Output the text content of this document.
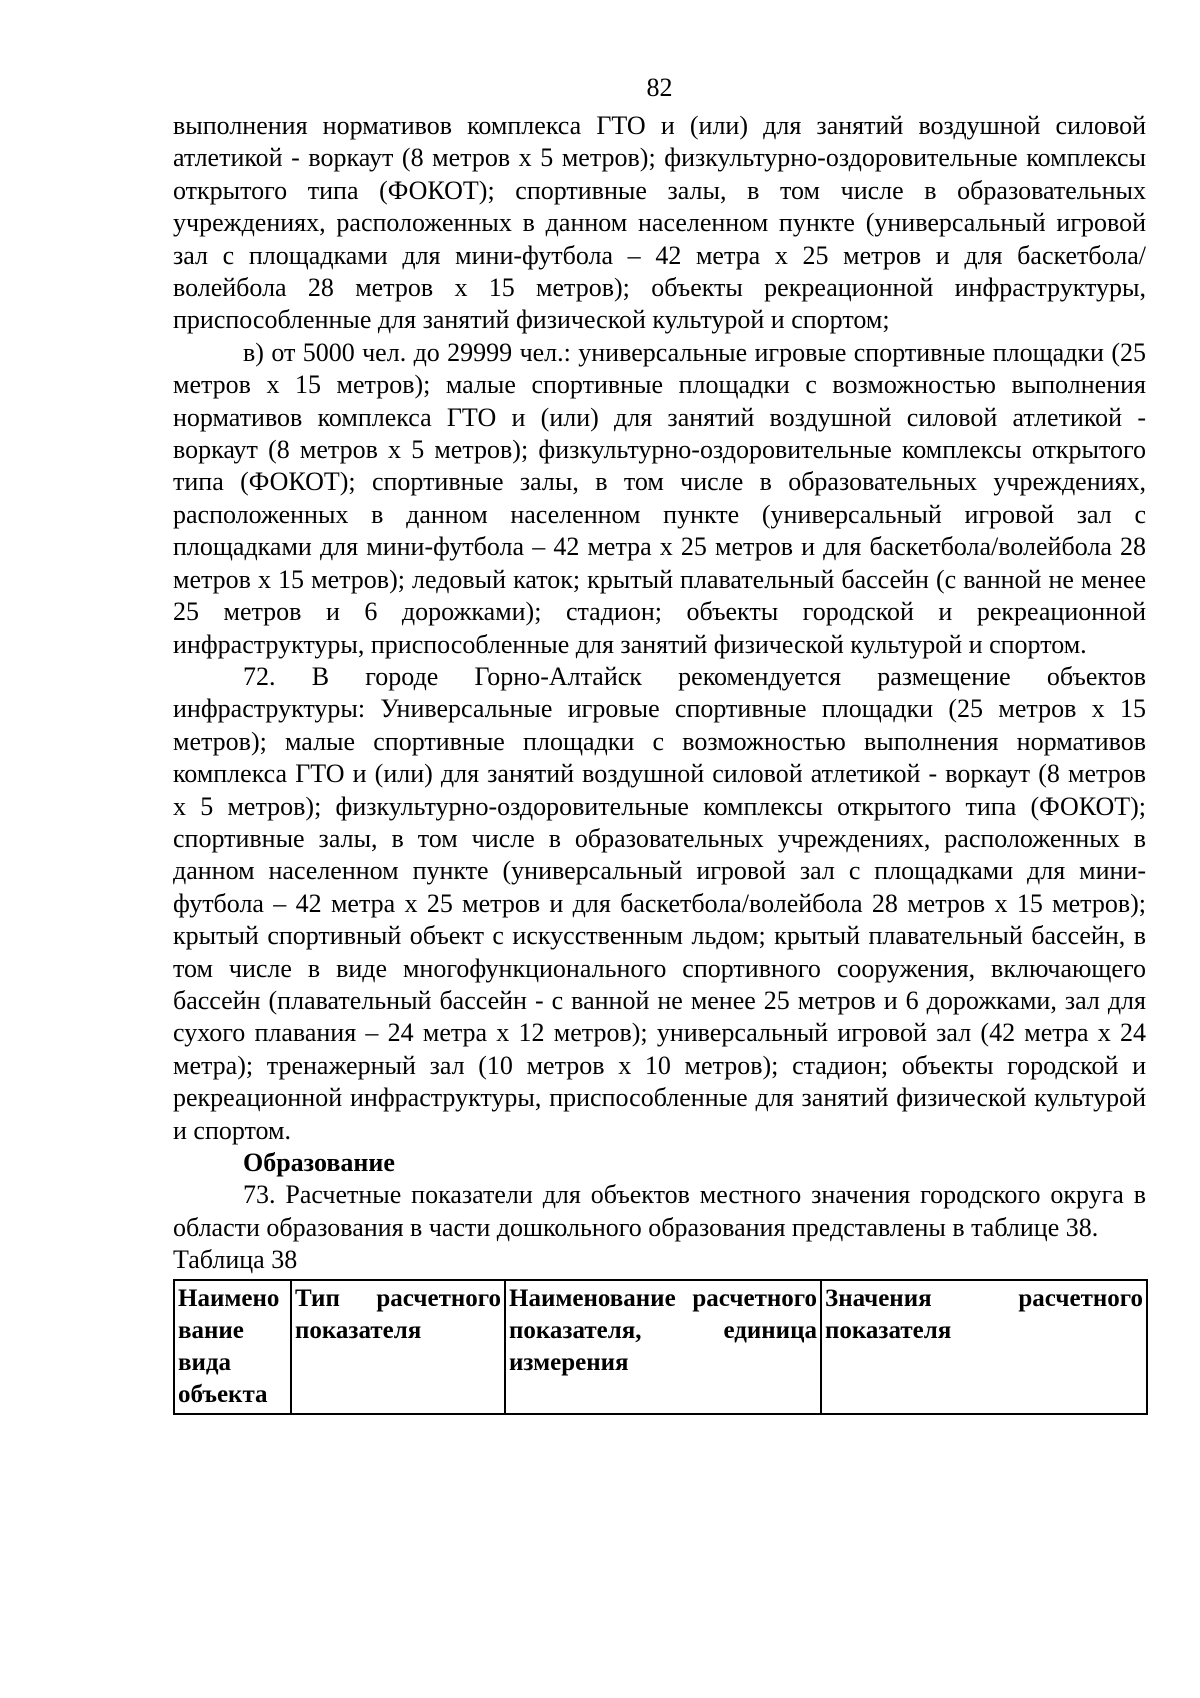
82

выполнения нормативов комплекса ГТО и (или) для занятий воздушной силовой атлетикой - воркаут (8 метров х 5 метров); физкультурно-оздоровительные комплексы открытого типа (ФОКОТ); спортивные залы, в том числе в образовательных учреждениях, расположенных в данном населенном пункте (универсальный игровой зал с площадками для мини-футбола – 42 метра х 25 метров и для баскетбола/волейбола 28 метров х 15 метров); объекты рекреационной инфраструктуры, приспособленные для занятий физической культурой и спортом;

в) от 5000 чел. до 29999 чел.: универсальные игровые спортивные площадки (25 метров х 15 метров); малые спортивные площадки с возможностью выполнения нормативов комплекса ГТО и (или) для занятий воздушной силовой атлетикой - воркаут (8 метров х 5 метров); физкультурно-оздоровительные комплексы открытого типа (ФОКОТ); спортивные залы, в том числе в образовательных учреждениях, расположенных в данном населенном пункте (универсальный игровой зал с площадками для мини-футбола – 42 метра х 25 метров и для баскетбола/волейбола 28 метров х 15 метров); ледовый каток; крытый плавательный бассейн (с ванной не менее 25 метров и 6 дорожками); стадион; объекты городской и рекреационной инфраструктуры, приспособленные для занятий физической культурой и спортом.

72. В городе Горно-Алтайск рекомендуется размещение объектов инфраструктуры: Универсальные игровые спортивные площадки (25 метров х 15 метров); малые спортивные площадки с возможностью выполнения нормативов комплекса ГТО и (или) для занятий воздушной силовой атлетикой - воркаут (8 метров х 5 метров); физкультурно-оздоровительные комплексы открытого типа (ФОКОТ); спортивные залы, в том числе в образовательных учреждениях, расположенных в данном населенном пункте (универсальный игровой зал с площадками для мини-футбола – 42 метра х 25 метров и для баскетбола/волейбола 28 метров х 15 метров); крытый спортивный объект с искусственным льдом; крытый плавательный бассейн, в том числе в виде многофункционального спортивного сооружения, включающего бассейн (плавательный бассейн - с ванной не менее 25 метров и 6 дорожками, зал для сухого плавания – 24 метра х 12 метров); универсальный игровой зал (42 метра х 24 метра); тренажерный зал (10 метров х 10 метров); стадион; объекты городской и рекреационной инфраструктуры, приспособленные для занятий физической культурой и спортом.

Образование

73. Расчетные показатели для объектов местного значения городского округа в области образования в части дошкольного образования представлены в таблице 38.

Таблица 38

Наименование вида объекта	Тип расчетного показателя	Наименование расчетного показателя, единица измерения	Значения расчетного показателя
